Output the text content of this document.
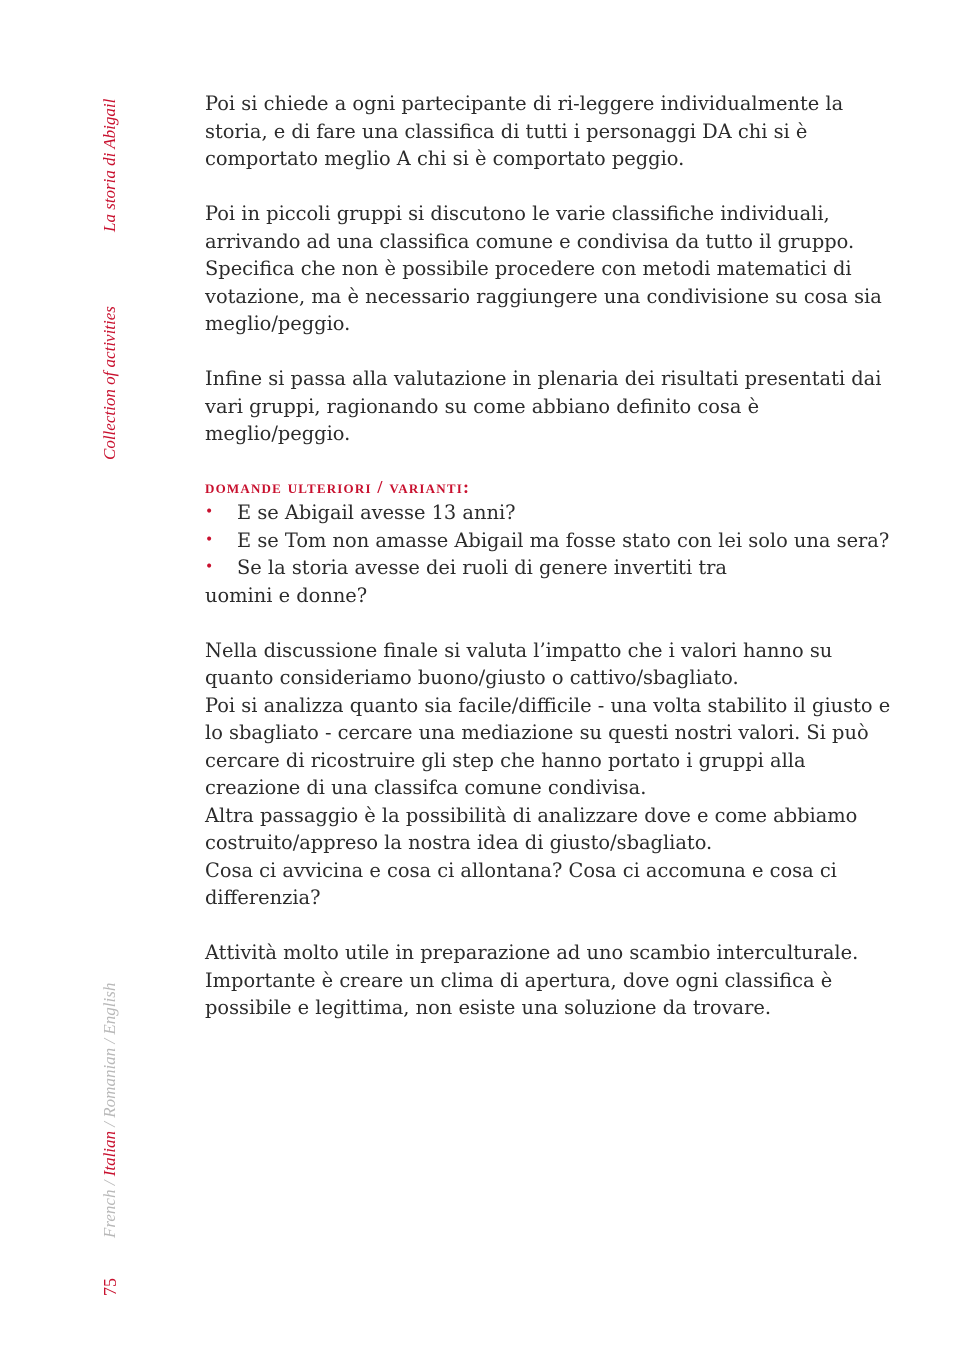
La storia di Abigail
Collection of activities
French / Italian / Romanian / English
75

Poi si chiede a ogni partecipante di ri-leggere individualmente la storia, e di fare una classifica di tutti i personaggi DA chi si è comportato meglio A chi si è comportato peggio.

Poi in piccoli gruppi si discutono le varie classifiche individuali, arrivando ad una classifica comune e condivisa da tutto il gruppo. Specifica che non è possibile procedere con metodi matematici di votazione, ma è necessario raggiungere una condivisione su cosa sia meglio/peggio.

Infine si passa alla valutazione in plenaria dei risultati presentati dai vari gruppi, ragionando su come abbiano definito cosa è meglio/peggio.

domande ulteriori / varianti:
•	E se Abigail avesse 13 anni?
•	E se Tom non amasse Abigail ma fosse stato con lei solo una sera?
•	Se la storia avesse dei ruoli di genere invertiti tra
uomini e donne?

Nella discussione finale si valuta l’impatto che i valori hanno su quanto consideriamo buono/giusto o cattivo/sbagliato.
Poi si analizza quanto sia facile/difficile - una volta stabilito il giusto e lo sbagliato - cercare una mediazione su questi nostri valori. Si può cercare di ricostruire gli step che hanno portato i gruppi alla creazione di una classifca comune condivisa.
Altra passaggio è la possibilità di analizzare dove e come abbiamo costruito/appreso la nostra idea di giusto/sbagliato.
Cosa ci avvicina e cosa ci allontana? Cosa ci accomuna e cosa ci differenzia?

Attività molto utile in preparazione ad uno scambio interculturale. Importante è creare un clima di apertura, dove ogni classifica è possibile e legittima, non esiste una soluzione da trovare.
